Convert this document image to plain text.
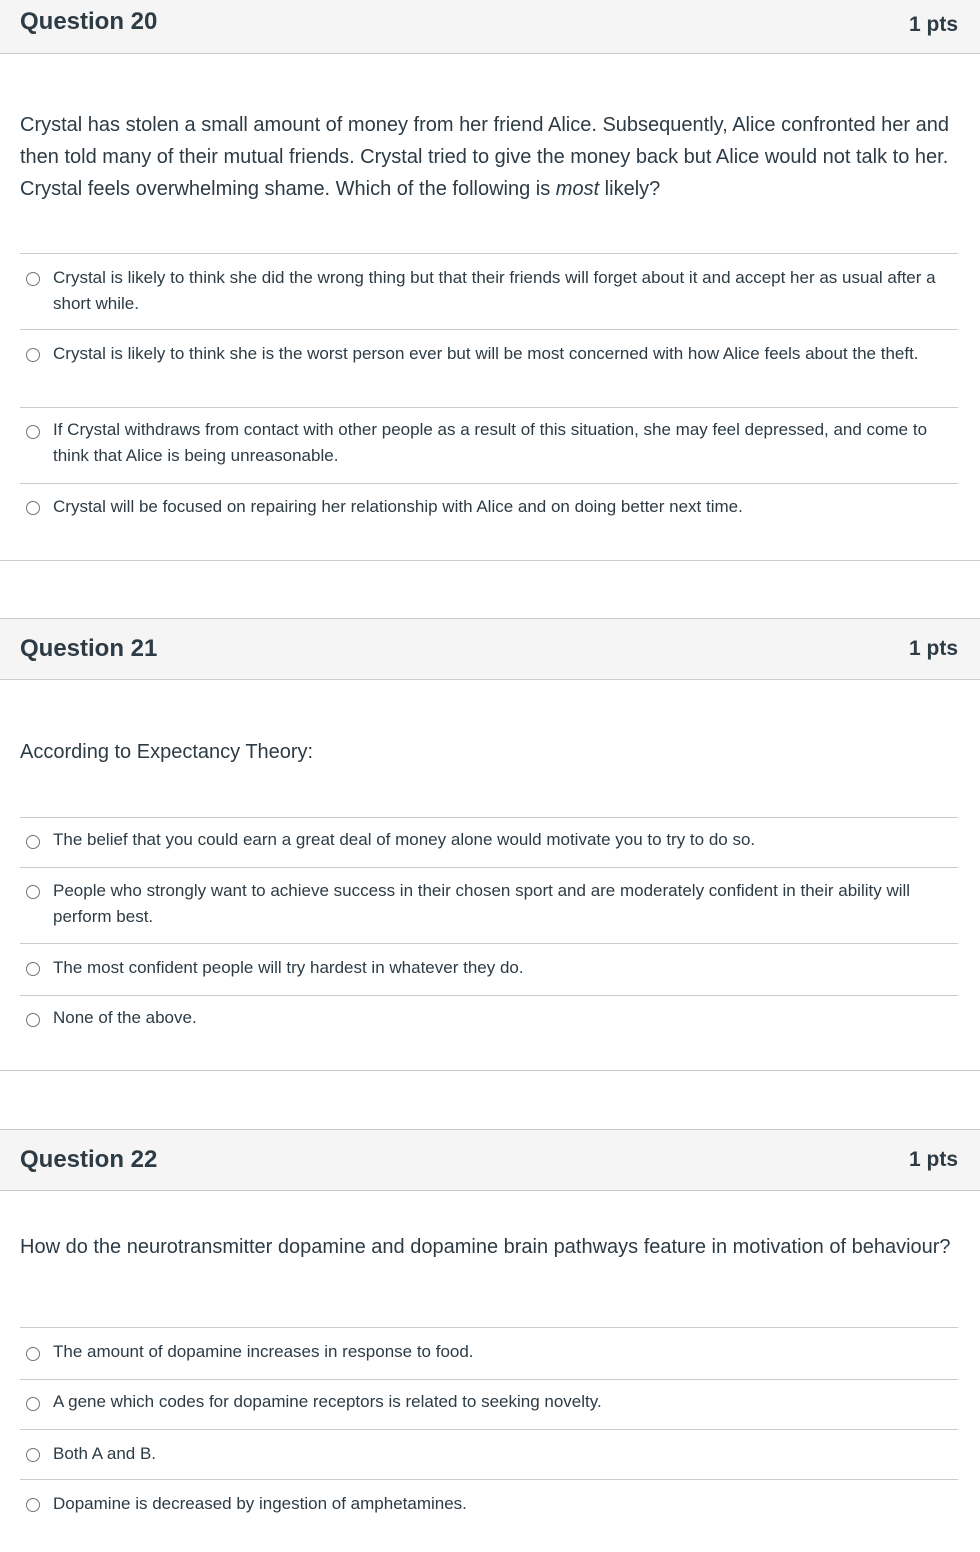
Question 20	1 pts
Crystal has stolen a small amount of money from her friend Alice. Subsequently, Alice confronted her and then told many of their mutual friends. Crystal tried to give the money back but Alice would not talk to her. Crystal feels overwhelming shame. Which of the following is most likely?
Crystal is likely to think she did the wrong thing but that their friends will forget about it and accept her as usual after a short while.
Crystal is likely to think she is the worst person ever but will be most concerned with how Alice feels about the theft.
If Crystal withdraws from contact with other people as a result of this situation, she may feel depressed, and come to think that Alice is being unreasonable.
Crystal will be focused on repairing her relationship with Alice and on doing better next time.
Question 21	1 pts
According to Expectancy Theory:
The belief that you could earn a great deal of money alone would motivate you to try to do so.
People who strongly want to achieve success in their chosen sport and are moderately confident in their ability will perform best.
The most confident people will try hardest in whatever they do.
None of the above.
Question 22	1 pts
How do the neurotransmitter dopamine and dopamine brain pathways feature in motivation of behaviour?
The amount of dopamine increases in response to food.
A gene which codes for dopamine receptors is related to seeking novelty.
Both A and B.
Dopamine is decreased by ingestion of amphetamines.
